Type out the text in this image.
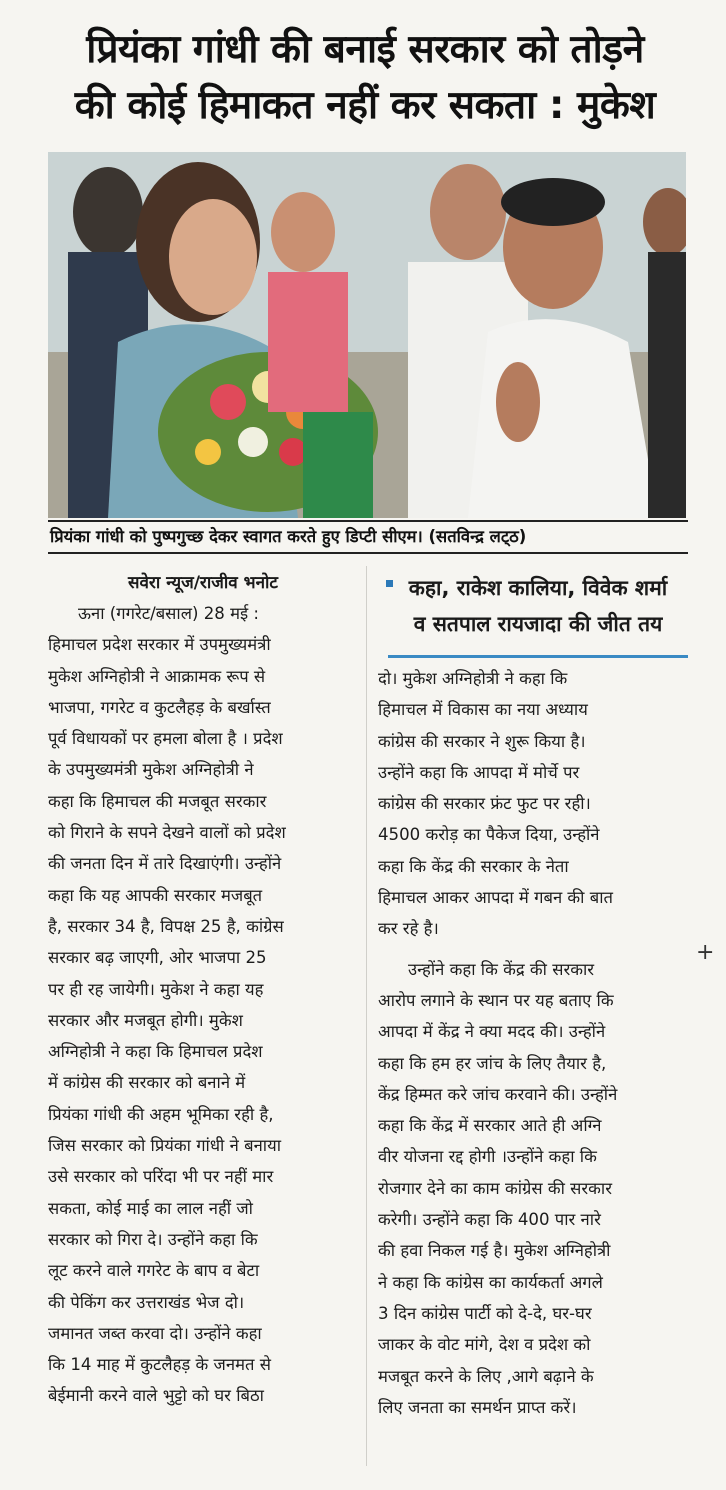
प्रियंका गांधी की बनाई सरकार को तोड़ने
की कोई हिमाकत नहीं कर सकता : मुकेश
प्रियंका गांधी को पुष्पगुच्छ देकर स्वागत करते हुए डिप्टी सीएम। (सतविन्द्र लट्‌ठ)
सवेरा न्यूज/राजीव भनोट	कहा, राकेश कालिया, विवेक शर्मा
व सतपाल रायजादा की जीत तय

ऊना (गगरेट/बसाल) 28 मई :

हिमाचल प्रदेश सरकार में उपमुख्यमंत्री

मुकेश अग्निहोत्री ने आक्रामक रूप से

भाजपा, गगरेट व कुटलैहड़ के बर्खास्त

पूर्व विधायकों पर हमला बोला है । प्रदेश

के उपमुख्यमंत्री मुकेश अग्निहोत्री ने

कहा कि हिमाचल की मजबूत सरकार

को गिराने के सपने देखने वालों को प्रदेश

की जनता दिन में तारे दिखाएंगी। उन्होंने

कहा कि यह आपकी सरकार मजबूत

है, सरकार 34 है, विपक्ष 25 है, कांग्रेस

सरकार बढ़ जाएगी, ओर भाजपा 25

पर ही रह जायेगी। मुकेश ने कहा यह

सरकार और मजबूत होगी। मुकेश

अग्निहोत्री ने कहा कि हिमाचल प्रदेश

में कांग्रेस की सरकार को बनाने में

प्रियंका गांधी की अहम भूमिका रही है,

जिस सरकार को प्रियंका गांधी ने बनाया

उसे सरकार को परिंदा भी पर नहीं मार

सकता, कोई माई का लाल नहीं जो

सरकार को गिरा दे। उन्होंने कहा कि

लूट करने वाले गगरेट के बाप व बेटा

की पेकिंग कर उत्तराखंड भेज दो।

जमानत जब्त करवा दो। उन्होंने कहा

कि 14 माह में कुटलैहड़ के जनमत से

बेईमानी करने वाले भुट्टो को घर बिठा

दो। मुकेश अग्निहोत्री ने कहा कि

हिमाचल में विकास का नया अध्याय

कांग्रेस की सरकार ने शुरू किया है।

उन्होंने कहा कि आपदा में मोर्चे पर

कांग्रेस की सरकार फ्रंट फुट पर रही।

4500 करोड़ का पैकेज दिया, उन्होंने

कहा कि केंद्र की सरकार के नेता

हिमाचल आकर आपदा में गबन की बात

कर रहे है।

उन्होंने कहा कि केंद्र की सरकार

आरोप लगाने के स्थान पर यह बताए कि

आपदा में केंद्र ने क्या मदद की। उन्होंने

कहा कि हम हर जांच के लिए तैयार है,

केंद्र हिम्मत करे जांच करवाने की। उन्होंने

कहा कि केंद्र में सरकार आते ही अग्नि

वीर योजना रद्द होगी ।उन्होंने कहा कि

रोजगार देने का काम कांग्रेस की सरकार

करेगी। उन्होंने कहा कि 400 पार नारे

की हवा निकल गई है। मुकेश अग्निहोत्री

ने कहा कि कांग्रेस का कार्यकर्ता अगले

3 दिन कांग्रेस पार्टी को दे-दे, घर-घर

जाकर के वोट मांगे, देश व प्रदेश को

मजबूत करने के लिए ,आगे बढ़ाने के

लिए जनता का समर्थन प्राप्त करें।

+
